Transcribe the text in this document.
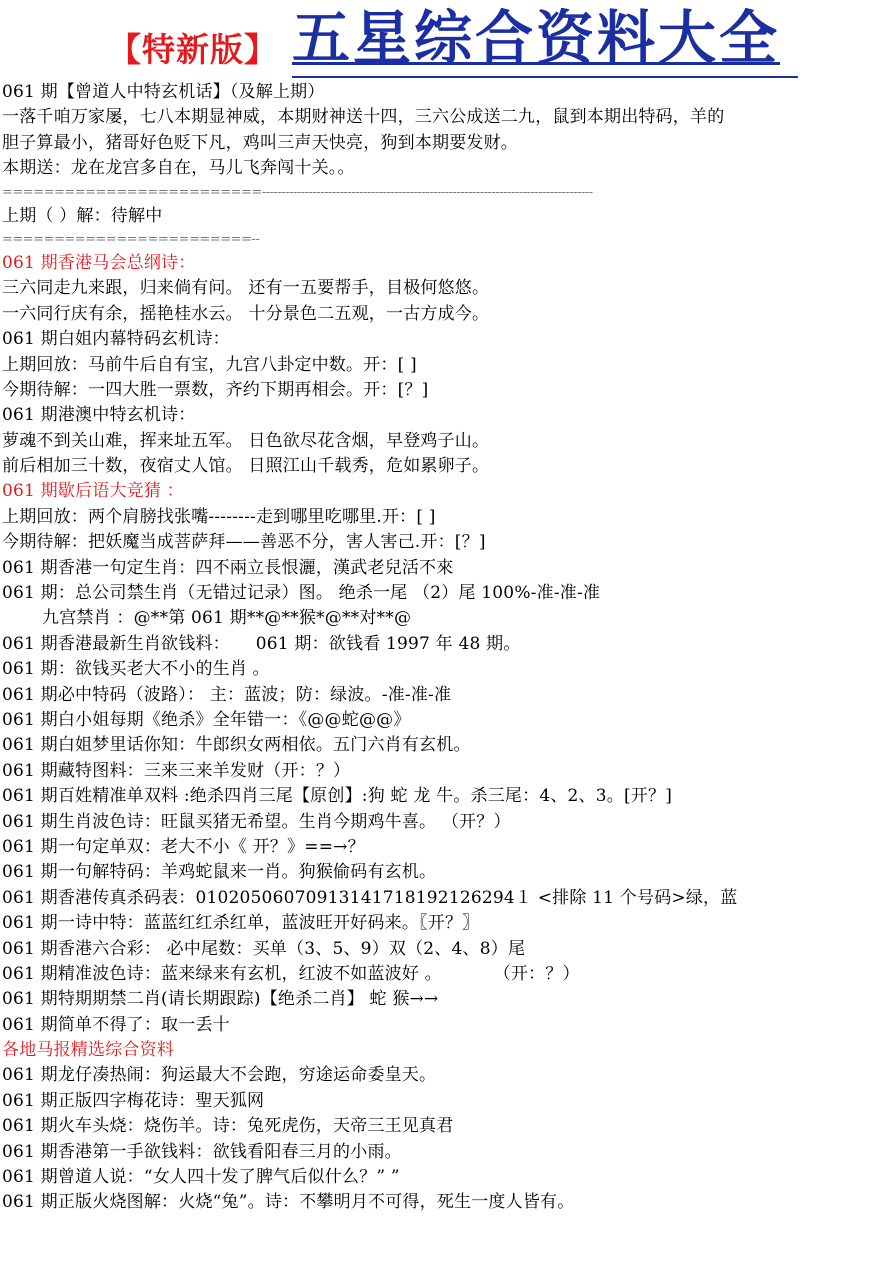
【特新版】 五星综合资料大全
061 期【曾道人中特玄机话】（及解上期）
一落千咱万家屡，七八本期显神威，本期财神送十四，三六公成送二九，鼠到本期出特码，羊的
胆子算最小，猪哥好色贬下凡，鸡叫三声天快亮，狗到本期要发财。
本期送：龙在龙宫多自在，马儿飞奔闯十关。。
=========================-------------------------------------------------------------------------------------
上期（ ）解：待解中
========================--
061 期香港马会总纲诗：
三六同走九来跟，归来倘有问。 还有一五要帮手，目极何悠悠。
一六同行庆有余，摇艳桂水云。 十分景色二五观，一古方成今。
061 期白姐内幕特码玄机诗：
上期回放：马前牛后自有宝，九宫八卦定中数。开：[ ]
今期待解：一四大胜一票数，齐约下期再相会。开：[？]
061 期港澳中特玄机诗：
萝魂不到关山难，挥来址五军。 日色欲尽花含烟，早登鸡子山。
前后相加三十数，夜宿丈人馆。 日照江山千载秀，危如累卵子。
061 期歇后语大竞猜 ：
上期回放：两个肩膀找张嘴--------走到哪里吃哪里.开：[ ]
今期待解：把妖魔当成菩萨拜——善恶不分，害人害己.开：[？]
061 期香港一句定生肖：四不兩立長恨灑，漢武老兒活不來
061 期：总公司禁生肖（无错过记录）图。 绝杀一尾 （2）尾 100%-准-准-准
九宫禁肖 ：@**第 061 期**@**猴*@**对**@
061 期香港最新生肖欲钱料：　　061 期：欲钱看 1997 年 48 期。
061 期：欲钱买老大不小的生肖 。
061 期必中特码（波路）： 主：蓝波；防：绿波。-准-准-准
061 期白小姐每期《绝杀》全年错一：《@@蛇@@》
061 期白姐梦里话你知：牛郎织女两相依。五门六肖有玄机。
061 期藏特图料：三来三来羊发财（开：？）
061 期百姓精准单双料 :绝杀四肖三尾【原创】:狗 蛇 龙 牛。杀三尾：4、2、3。[开？]
061 期生肖波色诗：旺鼠买猪无希望。生肖今期鸡牛喜。 （开？）
061 期一句定单双：老大不小《 开？》==→？
061 期一句解特码：羊鸡蛇鼠来一肖。狗猴偷码有玄机。
061 期香港传真杀码表：01020506070913141718192126294１ <排除 11 个号码>绿，蓝
061 期一诗中特：蓝蓝红红杀红单，蓝波旺开好码来。〖开？〗
061 期香港六合彩： 必中尾数：买单（3、5、9）双（2、4、8）尾
061 期精准波色诗：蓝来绿来有玄机，红波不如蓝波好 。　　　　（开：？）
061 期特期期禁二肖(请长期跟踪)【绝杀二肖】 蛇 猴→→
061 期简单不得了：取一丢十
各地马报精选综合资料
061 期龙仔凑热闹：狗运最大不会跑，穷途运命委皇天。
061 期正版四字梅花诗：聖天狐网
061 期火车头烧：烧伤羊。诗：兔死虎伤，天帝三王见真君
061 期香港第一手欲钱料：欲钱看阳春三月的小雨。
061 期曾道人说：“女人四十发了脾气后似什么？” ”
061 期正版火烧图解：火烧“兔”。诗：不攀明月不可得，死生一度人皆有。
